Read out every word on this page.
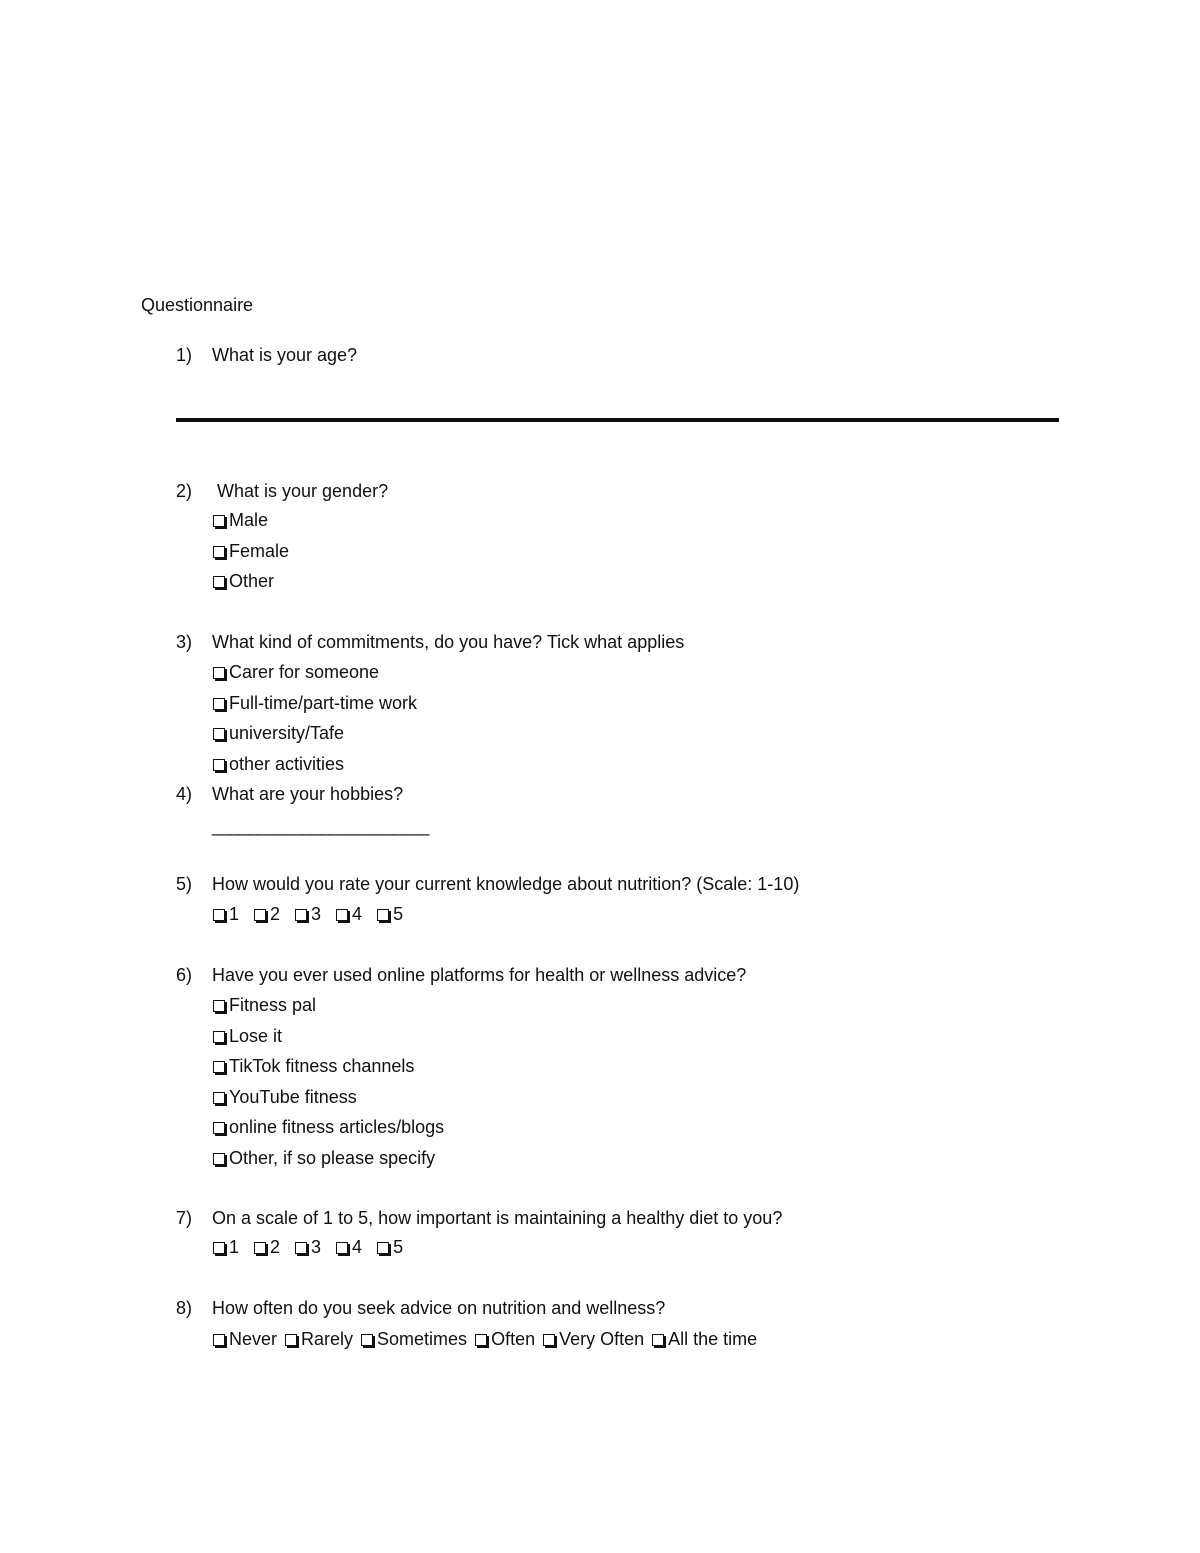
Questionnaire
1) What is your age?
2) What is your gender?
Male
Female
Other
3) What kind of commitments, do you have? Tick what applies
Carer for someone
Full-time/part-time work
university/Tafe
other activities
4) What are your hobbies?
________________________
5) How would you rate your current knowledge about nutrition? (Scale: 1-10)
1 2 3 4 5
6) Have you ever used online platforms for health or wellness advice?
Fitness pal
Lose it
TikTok fitness channels
YouTube fitness
online fitness articles/blogs
Other, if so please specify
7) On a scale of 1 to 5, how important is maintaining a healthy diet to you?
1 2 3 4 5
8) How often do you seek advice on nutrition and wellness?
Never Rarely Sometimes Often Very Often All the time
